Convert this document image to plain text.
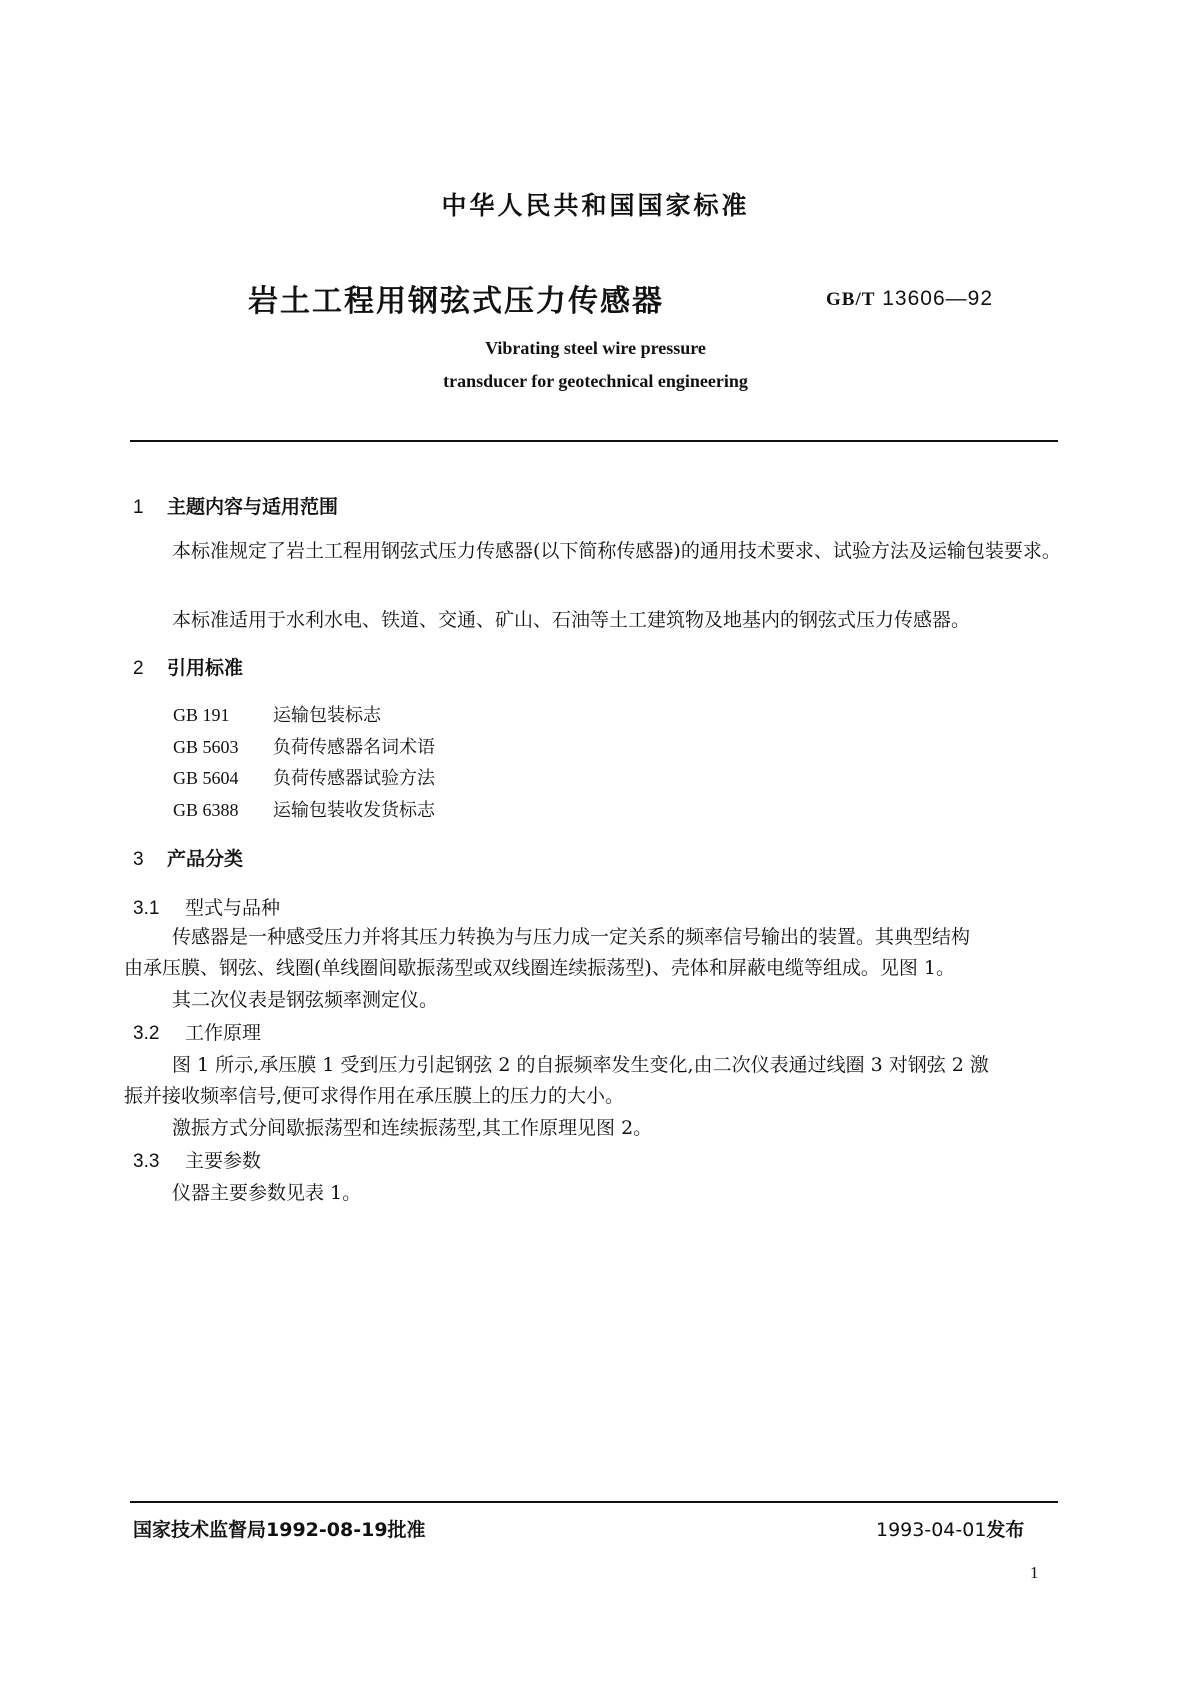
中华人民共和国国家标准
岩土工程用钢弦式压力传感器	GB/T 13606—92
Vibrating steel wire pressure
transducer for geotechnical engineering
1 主题内容与适用范围
本标准规定了岩土工程用钢弦式压力传感器(以下简称传感器)的通用技术要求、试验方法及运输包装要求。
本标准适用于水利水电、铁道、交通、矿山、石油等土工建筑物及地基内的钢弦式压力传感器。
2 引用标准
GB 191 运输包装标志
GB 5603 负荷传感器名词术语
GB 5604 负荷传感器试验方法
GB 6388 运输包装收发货标志
3 产品分类
3.1 型式与品种
传感器是一种感受压力并将其压力转换为与压力成一定关系的频率信号输出的装置。其典型结构
由承压膜、钢弦、线圈(单线圈间歇振荡型或双线圈连续振荡型)、壳体和屏蔽电缆等组成。见图 1。
其二次仪表是钢弦频率测定仪。
3.2 工作原理
图 1 所示,承压膜 1 受到压力引起钢弦 2 的自振频率发生变化,由二次仪表通过线圈 3 对钢弦 2 激
振并接收频率信号,便可求得作用在承压膜上的压力的大小。
激振方式分间歇振荡型和连续振荡型,其工作原理见图 2。
3.3 主要参数
仪器主要参数见表 1。
国家技术监督局1992-08-19批准	1993-04-01发布
1
